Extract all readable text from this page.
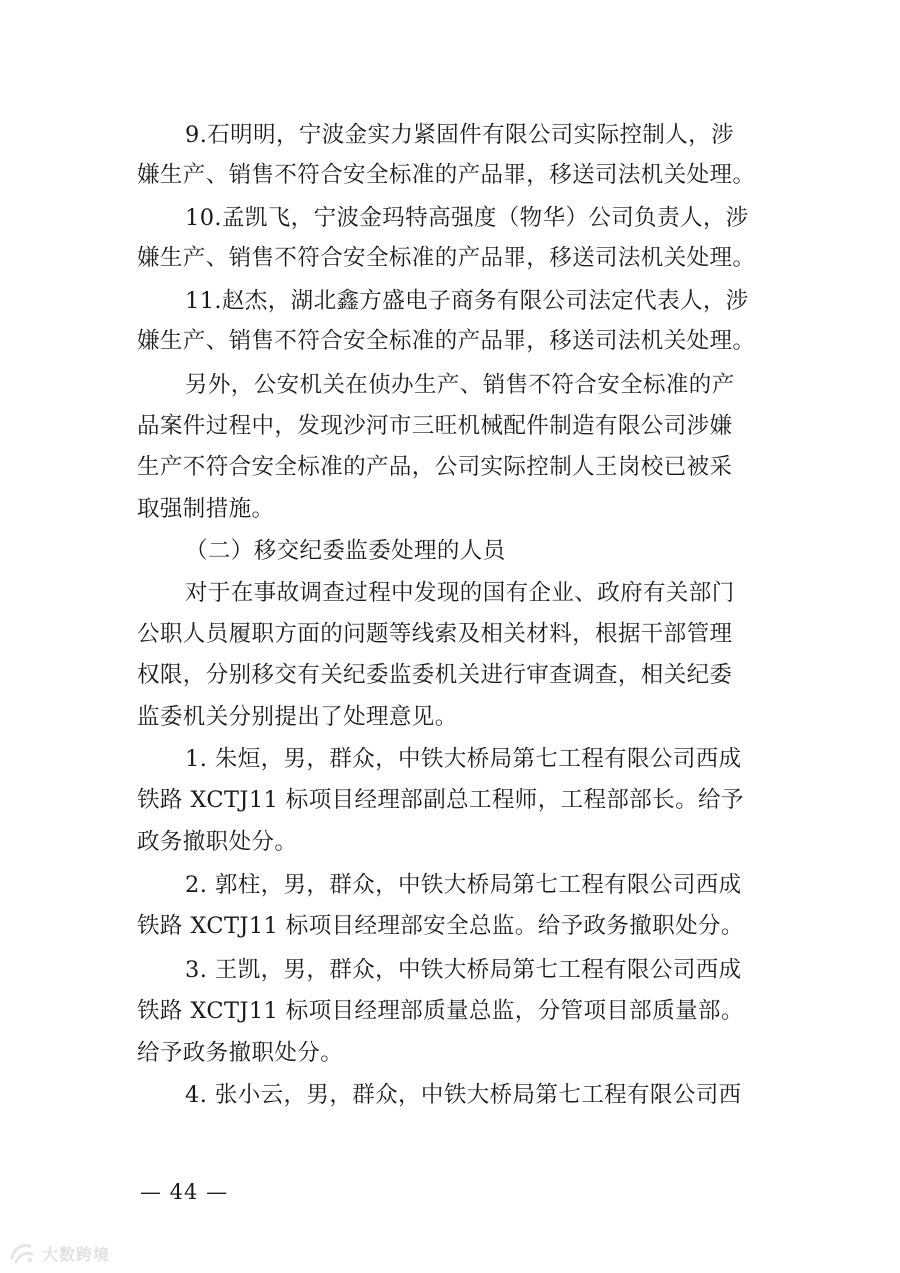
9.石明明，宁波金实力紧固件有限公司实际控制人，涉
嫌生产、销售不符合安全标准的产品罪，移送司法机关处理。
10.孟凯飞，宁波金玛特高强度（物华）公司负责人，涉
嫌生产、销售不符合安全标准的产品罪，移送司法机关处理。
11.赵杰，湖北鑫方盛电子商务有限公司法定代表人，涉
嫌生产、销售不符合安全标准的产品罪，移送司法机关处理。
另外，公安机关在侦办生产、销售不符合安全标准的产
品案件过程中，发现沙河市三旺机械配件制造有限公司涉嫌
生产不符合安全标准的产品，公司实际控制人王岗校已被采
取强制措施。
（二）移交纪委监委处理的人员
对于在事故调查过程中发现的国有企业、政府有关部门
公职人员履职方面的问题等线索及相关材料，根据干部管理
权限，分别移交有关纪委监委机关进行审查调查，相关纪委
监委机关分别提出了处理意见。
1. 朱烜，男，群众，中铁大桥局第七工程有限公司西成
铁路 XCTJ11 标项目经理部副总工程师，工程部部长。给予
政务撤职处分。
2. 郭柱，男，群众，中铁大桥局第七工程有限公司西成
铁路 XCTJ11 标项目经理部安全总监。给予政务撤职处分。
3. 王凯，男，群众，中铁大桥局第七工程有限公司西成
铁路 XCTJ11 标项目经理部质量总监，分管项目部质量部。
给予政务撤职处分。
4. 张小云，男，群众，中铁大桥局第七工程有限公司西
— 44 —
大数跨境
